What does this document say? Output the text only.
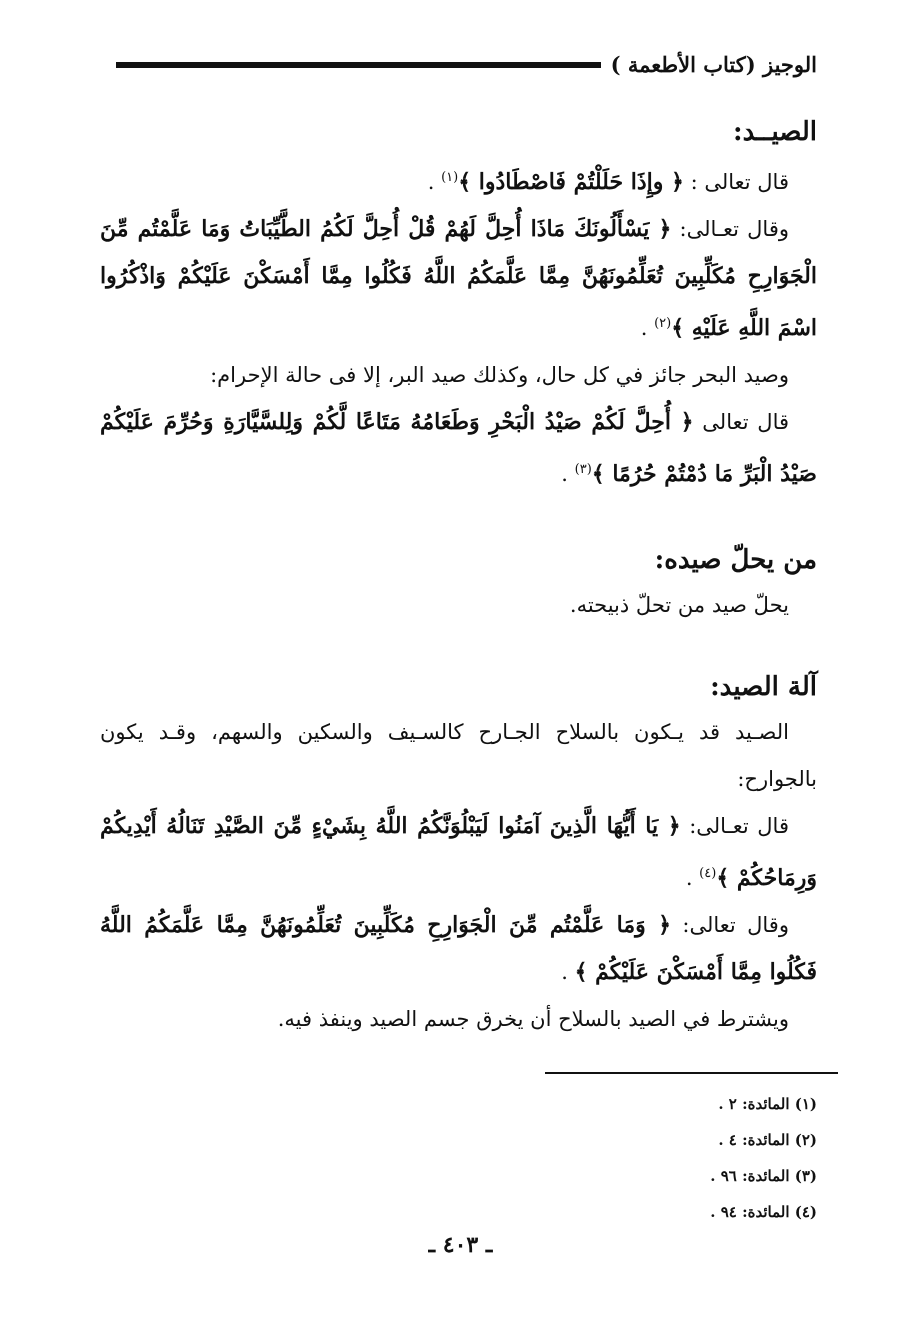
الوجيز (كتاب الأطعمة )
الصيــد:

قال تعالى : ﴿ وإِذَا حَلَلْتُمْ فَاصْطَادُوا ﴾$^{(١)}$ .

وقال تعـالى: ﴿ يَسْأَلُونَكَ مَاذَا أُحِلَّ لَهُمْ قُلْ أُحِلَّ لَكُمُ الطَّيِّبَاتُ وَمَا عَلَّمْتُم مِّنَ الْجَوَارِحِ مُكَلِّبِينَ تُعَلِّمُونَهُنَّ مِمَّا عَلَّمَكُمُ اللَّهُ فَكُلُوا مِمَّا أَمْسَكْنَ عَلَيْكُمْ وَاذْكُرُوا اسْمَ اللَّهِ عَلَيْهِ ﴾$^{(٢)}$ .

وصيد البحر جائز في كل حال، وكذلك صيد البر، إلا فى حالة الإحرام:

قال تعالى ﴿ أُحِلَّ لَكُمْ صَيْدُ الْبَحْرِ وَطَعَامُهُ مَتَاعًا لَّكُمْ وَلِلسَّيَّارَةِ وَحُرِّمَ عَلَيْكُمْ صَيْدُ الْبَرِّ مَا دُمْتُمْ حُرُمًا ﴾$^{(٣)}$ .

من يحلّ صيده:

يحلّ صيد من تحلّ ذبيحته.

آلة الصيد:

الصـيد قد يـكون بالسلاح الجـارح كالسـيف والسكين والسهم، وقـد يكون بالجوارح:

قال تعـالى: ﴿ يَا أَيُّهَا الَّذِينَ آمَنُوا لَيَبْلُوَنَّكُمُ اللَّهُ بِشَيْءٍ مِّنَ الصَّيْدِ تَنَالُهُ أَيْدِيكُمْ وَرِمَاحُكُمْ ﴾$^{(٤)}$ .

وقال تعالى: ﴿ وَمَا عَلَّمْتُم مِّنَ الْجَوَارِحِ مُكَلِّبِينَ تُعَلِّمُونَهُنَّ مِمَّا عَلَّمَكُمُ اللَّهُ فَكُلُوا مِمَّا أَمْسَكْنَ عَلَيْكُمْ ﴾ .

ويشترط في الصيد بالسلاح أن يخرق جسم الصيد وينفذ فيه.

(١) المائدة: ٢ .

(٢) المائدة: ٤ .

(٣) المائدة: ٩٦ .

(٤) المائدة: ٩٤ .

ـ ٤٠٣ ـ
